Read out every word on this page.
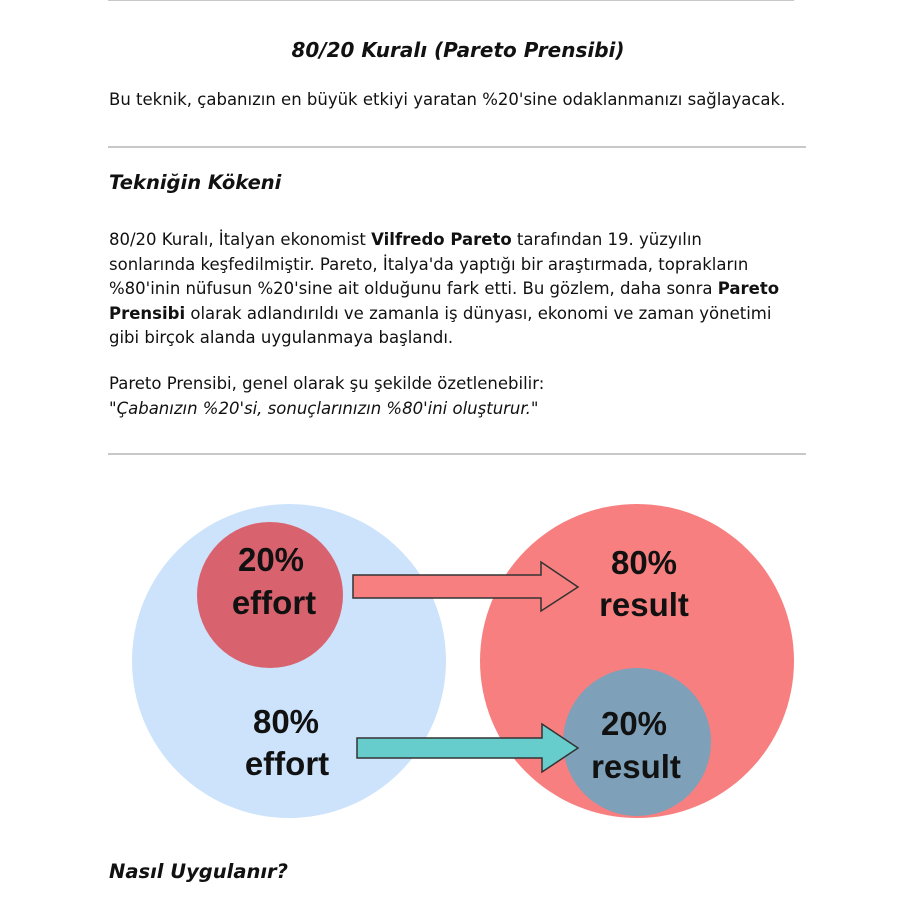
80/20 Kuralı (Pareto Prensibi)
Bu teknik, çabanızın en büyük etkiyi yaratan %20'sine odaklanmanızı sağlayacak.
Tekniğin Kökeni
80/20 Kuralı, İtalyan ekonomist Vilfredo Pareto tarafından 19. yüzyılın sonlarında keşfedilmiştir. Pareto, İtalya'da yaptığı bir araştırmada, toprakların %80'inin nüfusun %20'sine ait olduğunu fark etti. Bu gözlem, daha sonra Pareto Prensibi olarak adlandırıldı ve zamanla iş dünyası, ekonomi ve zaman yönetimi gibi birçok alanda uygulanmaya başlandı.
Pareto Prensibi, genel olarak şu şekilde özetlenebilir:
"Çabanızın %20'si, sonuçlarınızın %80'ini oluşturur."
20%
effort
80%
effort
80%
result
20%
result
Nasıl Uygulanır?
